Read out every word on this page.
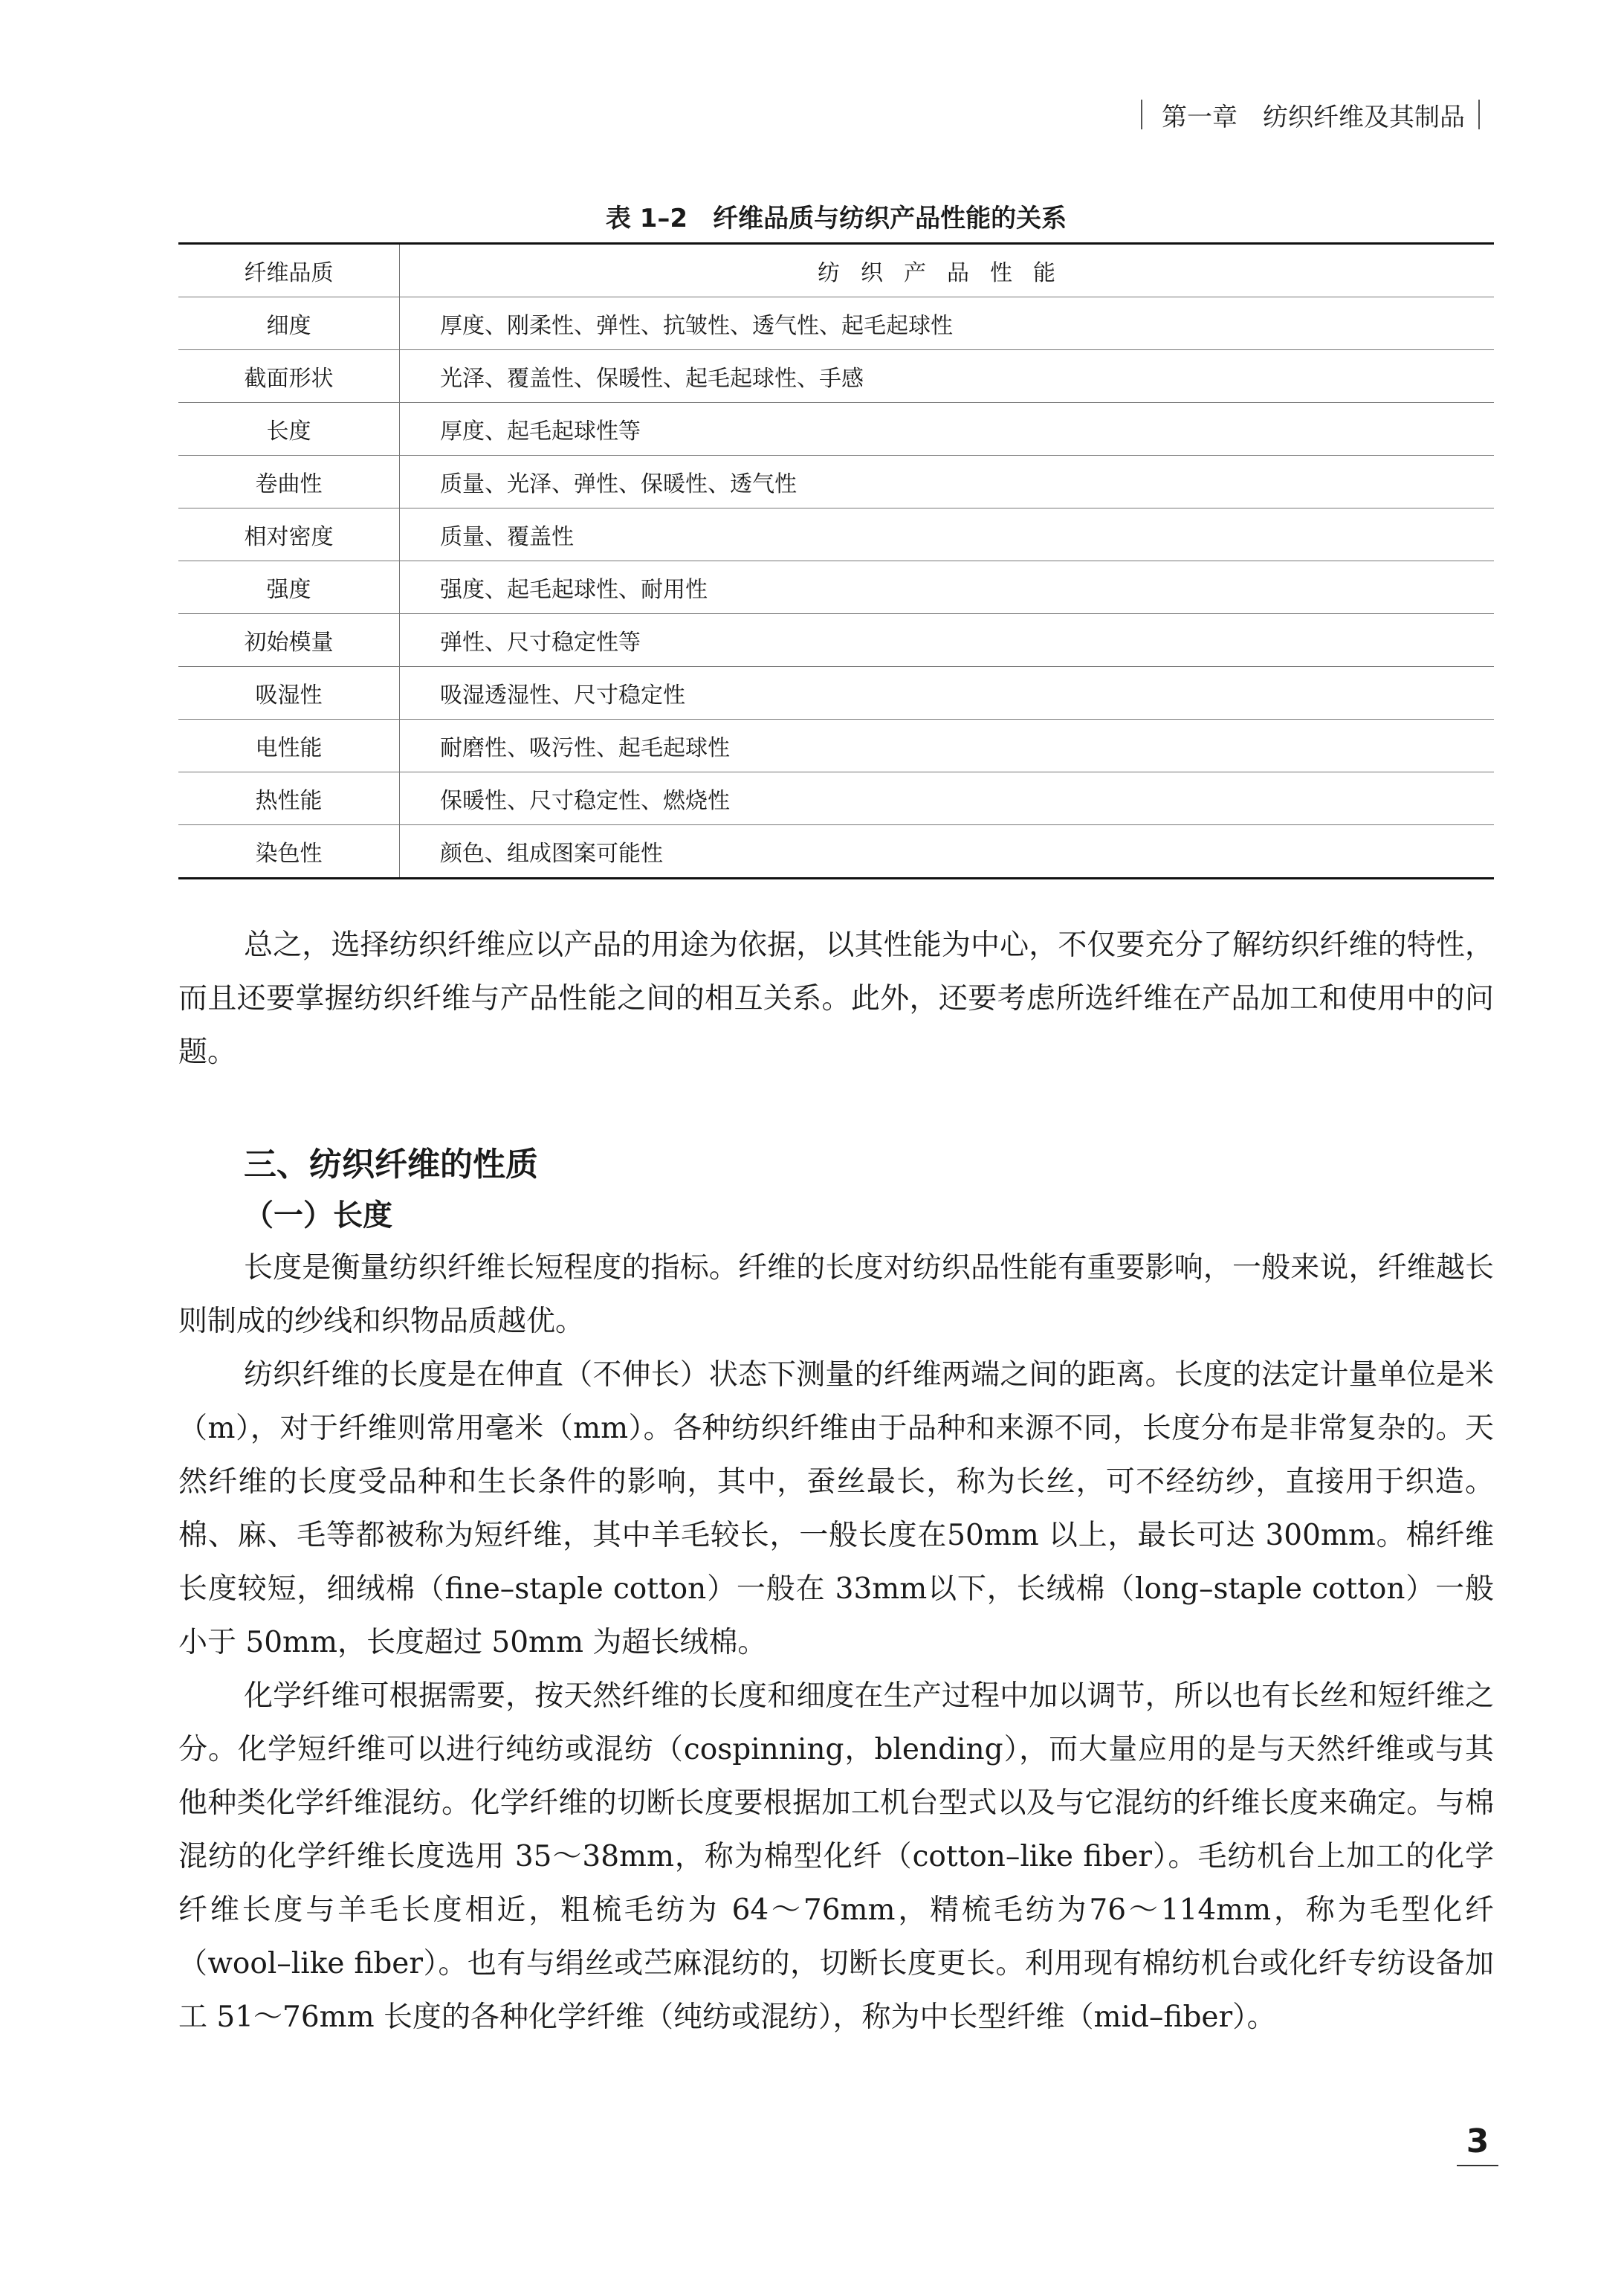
第一章　纺织纤维及其制品
表 1–2　纤维品质与纺织产品性能的关系
纤维品质	纺织产品性能
细度	厚度、刚柔性、弹性、抗皱性、透气性、起毛起球性
截面形状	光泽、覆盖性、保暖性、起毛起球性、手感
长度	厚度、起毛起球性等
卷曲性	质量、光泽、弹性、保暖性、透气性
相对密度	质量、覆盖性
强度	强度、起毛起球性、耐用性
初始模量	弹性、尺寸稳定性等
吸湿性	吸湿透湿性、尺寸稳定性
电性能	耐磨性、吸污性、起毛起球性
热性能	保暖性、尺寸稳定性、燃烧性
染色性	颜色、组成图案可能性

总之，选择纺织纤维应以产品的用途为依据，以其性能为中心，不仅要充分了解纺织纤维的特性，而且还要掌握纺织纤维与产品性能之间的相互关系。此外，还要考虑所选纤维在产品加工和使用中的问题。

三、纺织纤维的性质
（一）长度

长度是衡量纺织纤维长短程度的指标。纤维的长度对纺织品性能有重要影响，一般来说，纤维越长则制成的纱线和织物品质越优。

纺织纤维的长度是在伸直（不伸长）状态下测量的纤维两端之间的距离。长度的法定计量单位是米（m），对于纤维则常用毫米（mm）。各种纺织纤维由于品种和来源不同，长度分布是非常复杂的。天然纤维的长度受品种和生长条件的影响，其中，蚕丝最长，称为长丝，可不经纺纱，直接用于织造。棉、麻、毛等都被称为短纤维，其中羊毛较长，一般长度在50mm 以上，最长可达 300mm。棉纤维长度较短，细绒棉（fine–staple cotton）一般在 33mm以下，长绒棉（long–staple cotton）一般小于 50mm，长度超过 50mm 为超长绒棉。

化学纤维可根据需要，按天然纤维的长度和细度在生产过程中加以调节，所以也有长丝和短纤维之分。化学短纤维可以进行纯纺或混纺（cospinning，blending），而大量应用的是与天然纤维或与其他种类化学纤维混纺。化学纤维的切断长度要根据加工机台型式以及与它混纺的纤维长度来确定。与棉混纺的化学纤维长度选用 35～38mm，称为棉型化纤（cotton–like fiber）。毛纺机台上加工的化学纤维长度与羊毛长度相近，粗梳毛纺为 64～76mm，精梳毛纺为76～114mm，称为毛型化纤（wool–like fiber）。也有与绢丝或苎麻混纺的，切断长度更长。利用现有棉纺机台或化纤专纺设备加工 51～76mm 长度的各种化学纤维（纯纺或混纺），称为中长型纤维（mid–fiber）。

3
